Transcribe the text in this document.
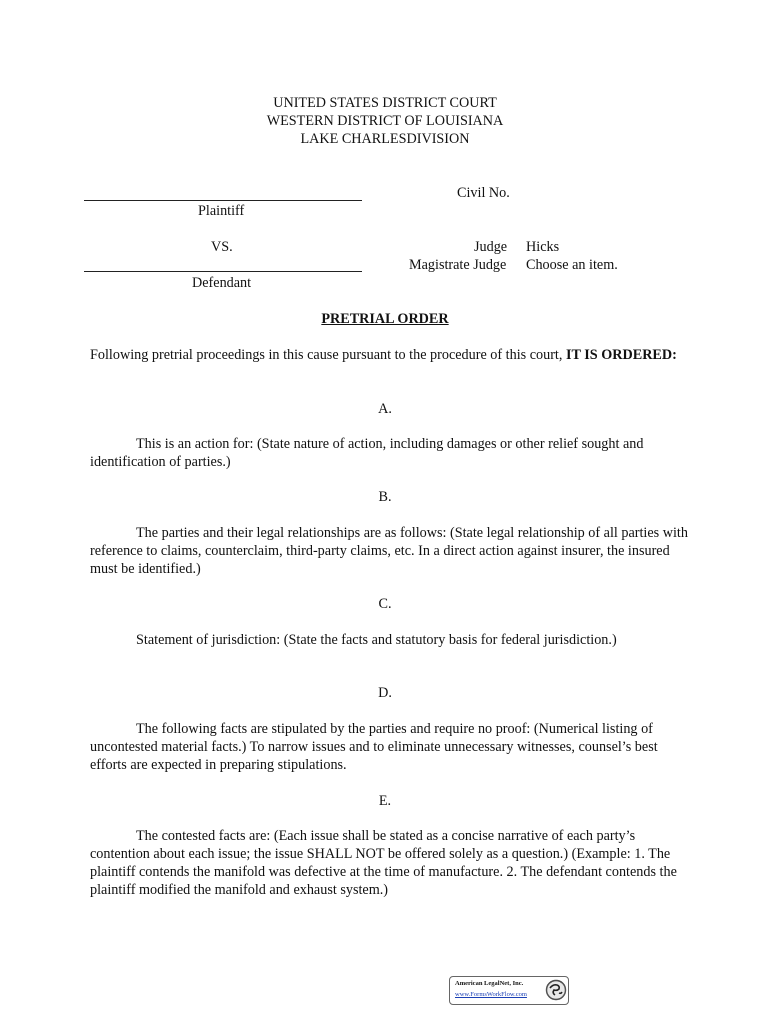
UNITED STATES DISTRICT COURT
WESTERN DISTRICT OF LOUISIANA
LAKE CHARLESDIVISION
Plaintiff
Civil No.
VS.
Defendant
Judge Hicks
Magistrate Judge Choose an item.
PRETRIAL ORDER
Following pretrial proceedings in this cause pursuant to the procedure of this court, IT IS ORDERED:
A.
This is an action for: (State nature of action, including damages or other relief sought and identification of parties.)
B.
The parties and their legal relationships are as follows: (State legal relationship of all parties with reference to claims, counterclaim, third-party claims, etc. In a direct action against insurer, the insured must be identified.)
C.
Statement of jurisdiction: (State the facts and statutory basis for federal jurisdiction.)
D.
The following facts are stipulated by the parties and require no proof: (Numerical listing of uncontested material facts.) To narrow issues and to eliminate unnecessary witnesses, counsel’s best efforts are expected in preparing stipulations.
E.
The contested facts are: (Each issue shall be stated as a concise narrative of each party’s contention about each issue; the issue SHALL NOT be offered solely as a question.) (Example: 1. The plaintiff contends the manifold was defective at the time of manufacture. 2. The defendant contends the plaintiff modified the manifold and exhaust system.)
American LegalNet, Inc.
www.FormsWorkFlow.com
